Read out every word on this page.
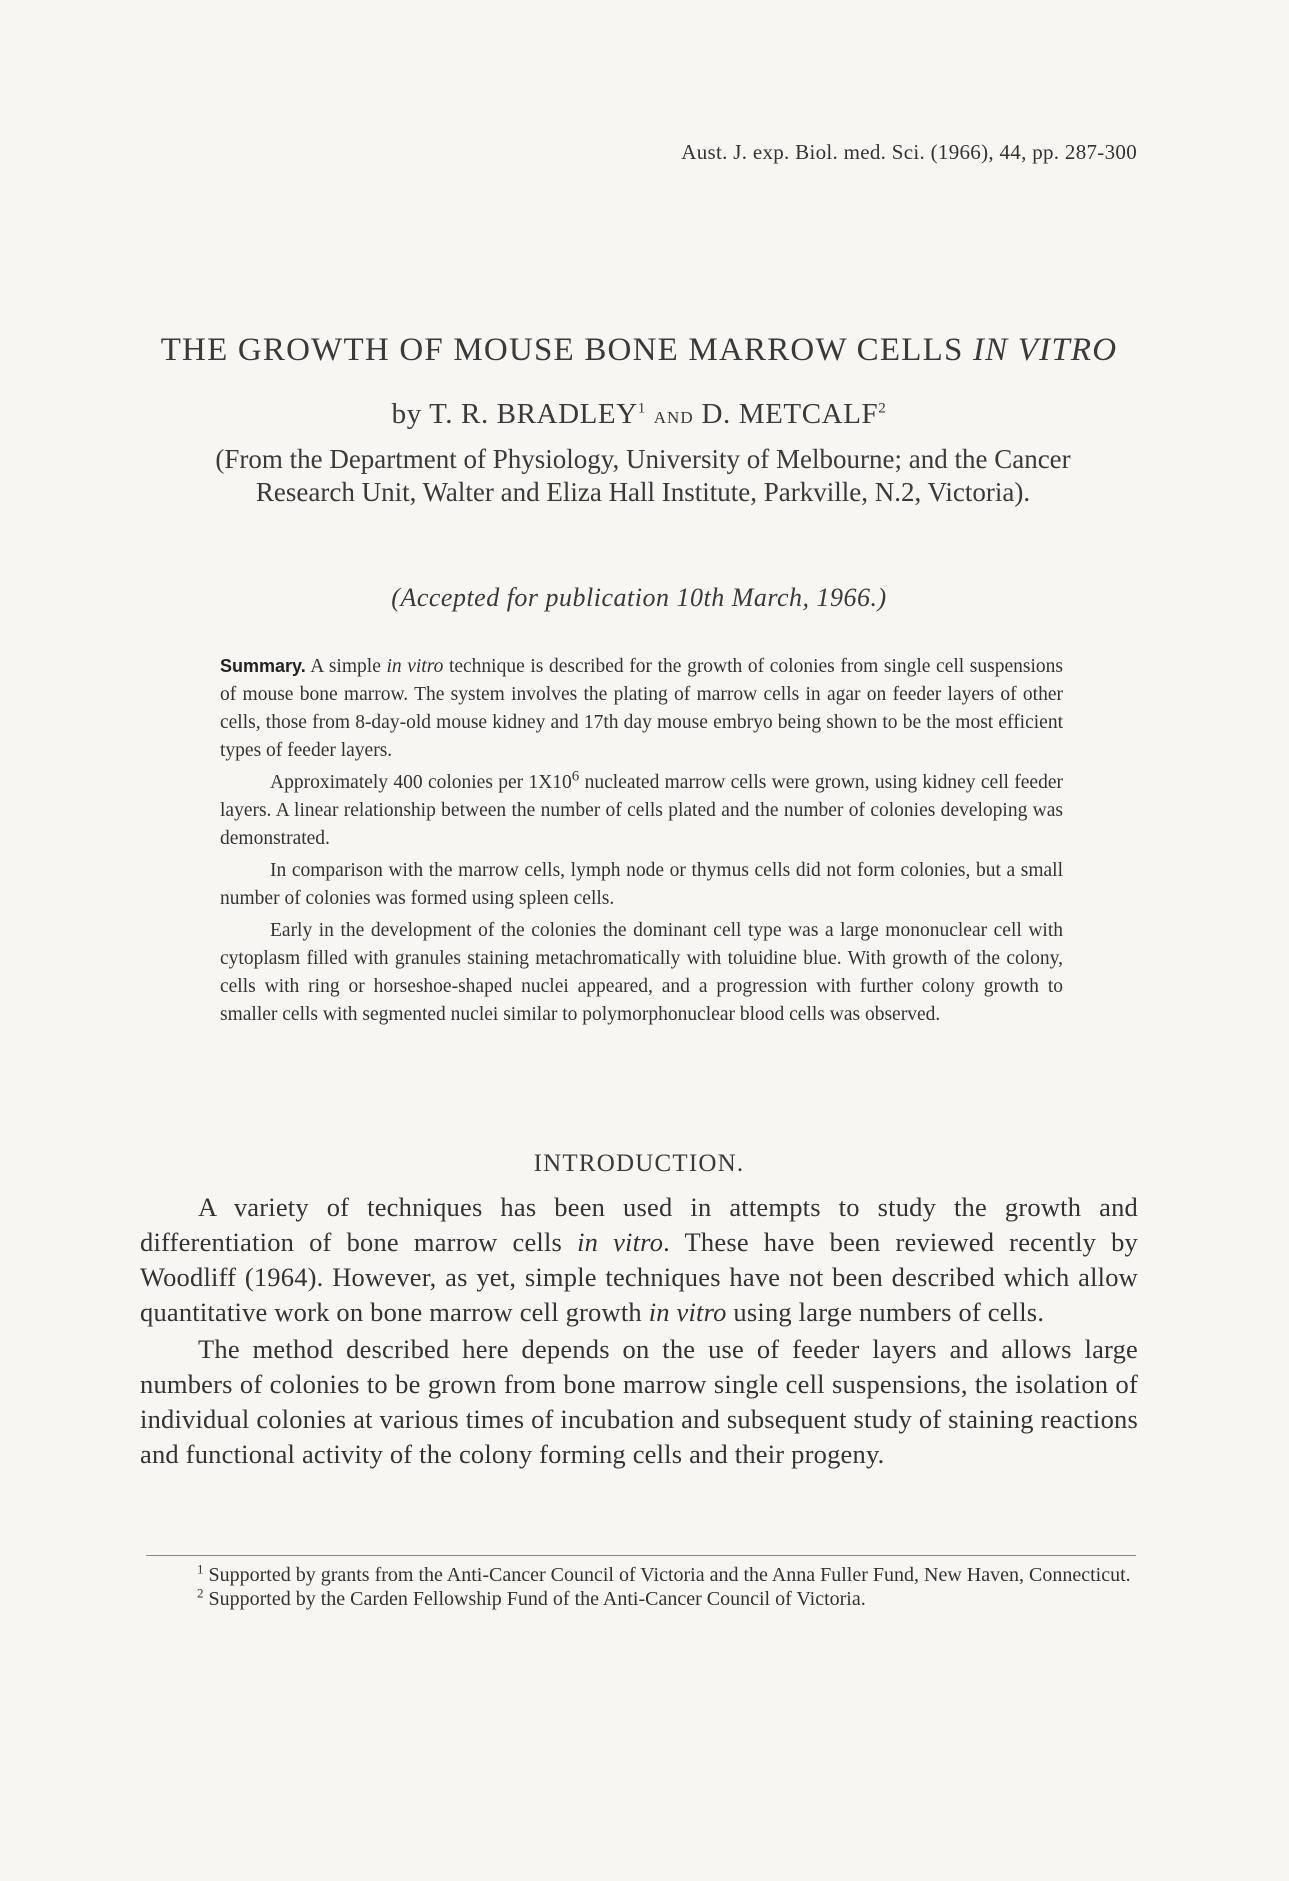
Aust. J. exp. Biol. med. Sci. (1966), 44, pp. 287-300
THE GROWTH OF MOUSE BONE MARROW CELLS IN VITRO
by T. R. BRADLEY$^1$ AND D. METCALF$^2$
(From the Department of Physiology, University of Melbourne; and the Cancer Research Unit, Walter and Eliza Hall Institute, Parkville, N.2, Victoria).
(Accepted for publication 10th March, 1966.)

Summary. A simple in vitro technique is described for the growth of colonies from single cell suspensions of mouse bone marrow. The system involves the plating of marrow cells in agar on feeder layers of other cells, those from 8-day-old mouse kidney and 17th day mouse embryo being shown to be the most efficient types of feeder layers.

Approximately 400 colonies per $1X10^6$ nucleated marrow cells were grown, using kidney cell feeder layers. A linear relationship between the number of cells plated and the number of colonies developing was demonstrated.

In comparison with the marrow cells, lymph node or thymus cells did not form colonies, but a small number of colonies was formed using spleen cells.

Early in the development of the colonies the dominant cell type was a large mononuclear cell with cytoplasm filled with granules staining metachromatically with toluidine blue. With growth of the colony, cells with ring or horseshoe-shaped nuclei appeared, and a progression with further colony growth to smaller cells with segmented nuclei similar to polymorphonuclear blood cells was observed.

INTRODUCTION.

A variety of techniques has been used in attempts to study the growth and differentiation of bone marrow cells in vitro. These have been reviewed recently by Woodliff (1964). However, as yet, simple techniques have not been described which allow quantitative work on bone marrow cell growth in vitro using large numbers of cells.

The method described here depends on the use of feeder layers and allows large numbers of colonies to be grown from bone marrow single cell suspensions, the isolation of individual colonies at various times of incubation and subsequent study of staining reactions and functional activity of the colony forming cells and their progeny.

$^1$ Supported by grants from the Anti-Cancer Council of Victoria and the Anna Fuller Fund, New Haven, Connecticut.

$^2$ Supported by the Carden Fellowship Fund of the Anti-Cancer Council of Victoria.
